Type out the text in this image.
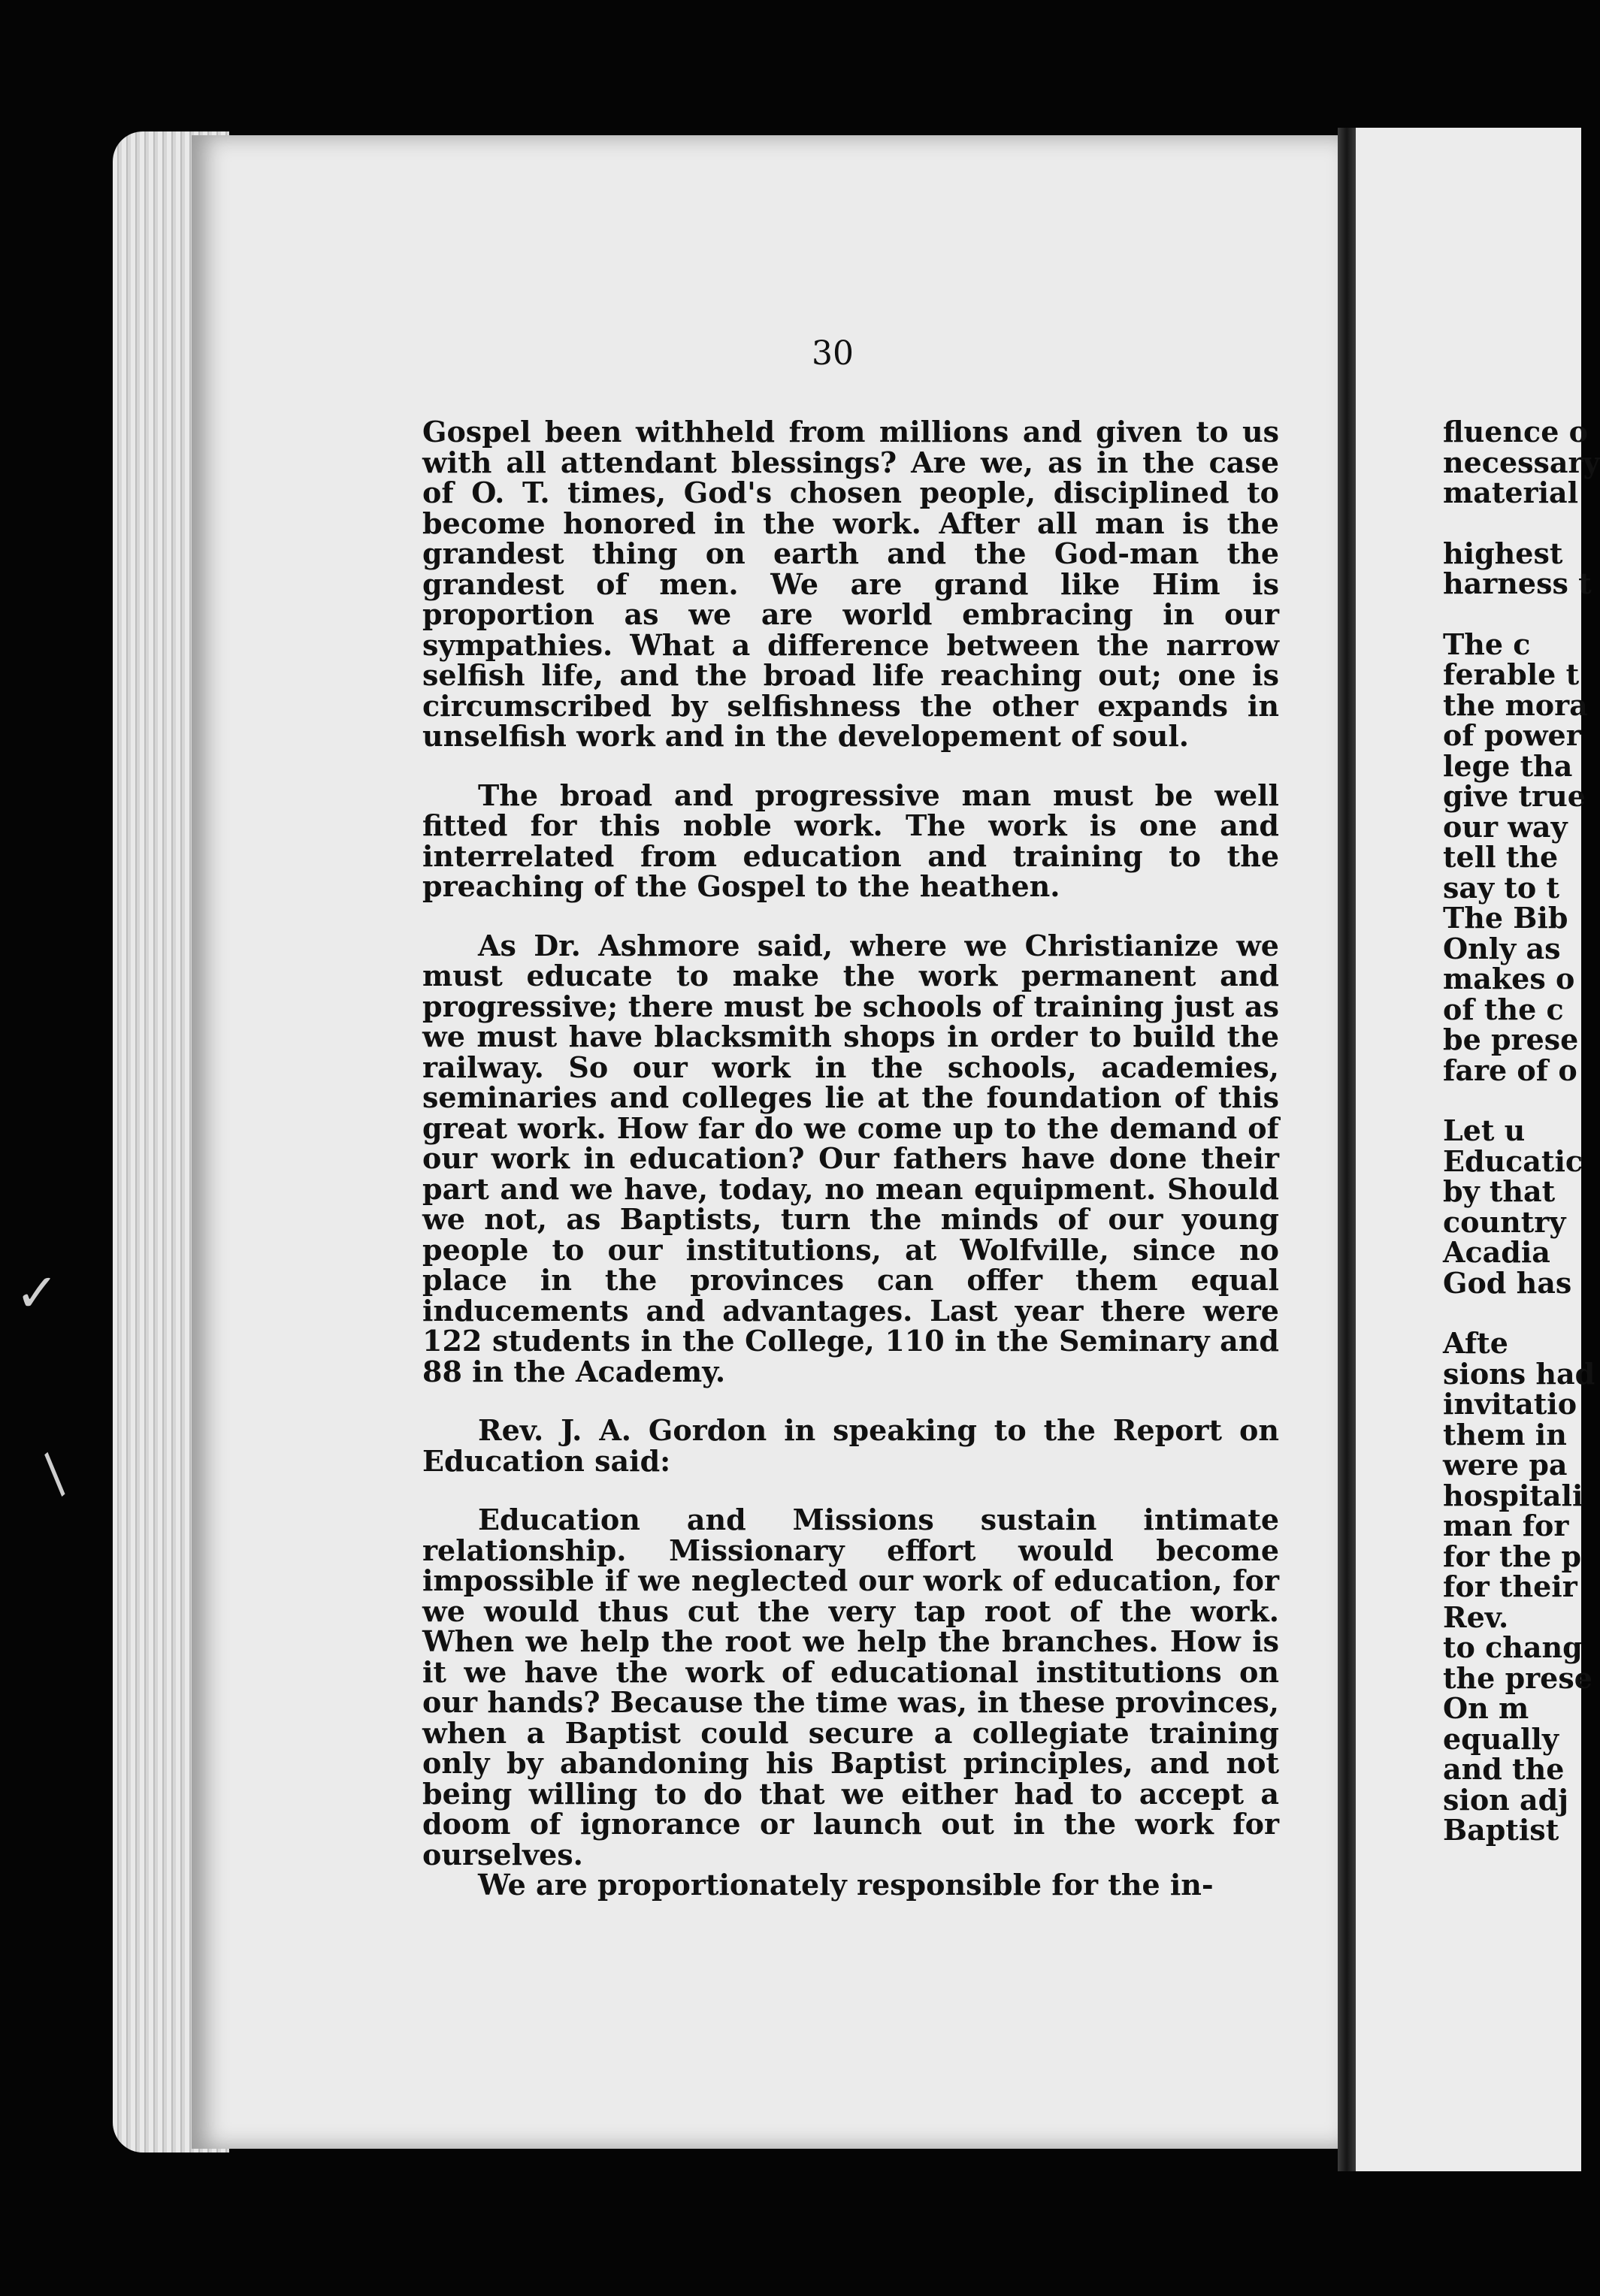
30

Gospel been withheld from millions and given to us with all attendant blessings? Are we, as in the case of O. T. times, God's chosen people, disciplined to become honored in the work. After all man is the grandest thing on earth and the God-man the grandest of men. We are grand like Him is proportion as we are world embracing in our sympathies. What a difference between the narrow selfish life, and the broad life reaching out; one is circumscribed by selfishness the other expands in unselfish work and in the developement of soul.

The broad and progressive man must be well fitted for this noble work. The work is one and interrelated from education and training to the preaching of the Gospel to the heathen.

As Dr. Ashmore said, where we Christianize we must educate to make the work permanent and progressive; there must be schools of training just as we must have blacksmith shops in order to build the railway. So our work in the schools, academies, seminaries and colleges lie at the foundation of this great work. How far do we come up to the demand of our work in education? Our fathers have done their part and we have, today, no mean equipment. Should we not, as Baptists, turn the minds of our young people to our institutions, at Wolfville, since no place in the provinces can offer them equal inducements and advantages. Last year there were 122 students in the College, 110 in the Seminary and 88 in the Academy.

Rev. J. A. Gordon in speaking to the Report on Education said:

Education and Missions sustain intimate relationship. Missionary effort would become impossible if we neglected our work of education, for we would thus cut the very tap root of the work. When we help the root we help the branches. How is it we have the work of educational institutions on our hands? Because the time was, in these provinces, when a Baptist could secure a collegiate training only by abandoning his Baptist principles, and not being willing to do that we either had to accept a doom of ignorance or launch out in the work for ourselves.

We are proportionately responsible for the in-

fluence o
necessary
material
highest
harness t
The c
ferable t
the mora
of power
lege tha
give true
our way
tell the
say to t
The Bib
Only as
makes o
of the c
be prese
fare of o
Let u
Educatic
by that
country
Acadia
God has
Afte
sions had
invitatio
them in
were pa
hospitali
man for
for the p
for their
Rev.
to chang
the prese
On m
equally
and the
sion adj
Baptist
✓
/
